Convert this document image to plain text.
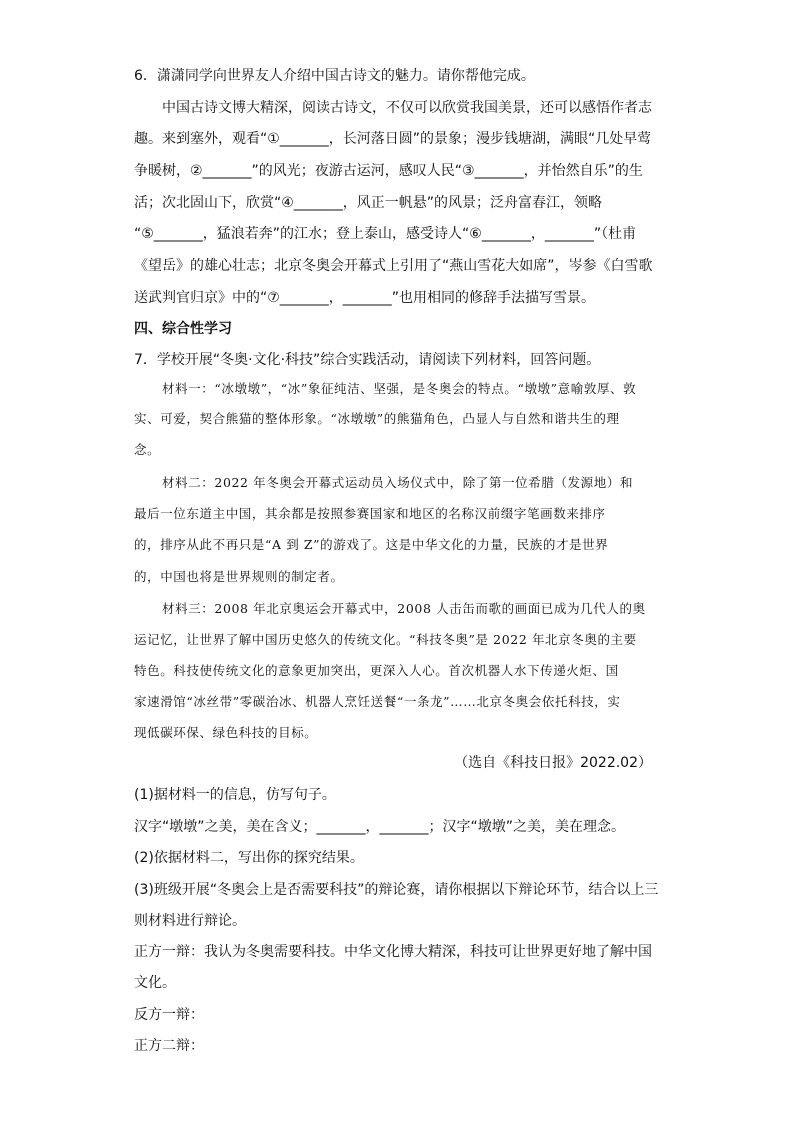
6．潇潇同学向世界友人介绍中国古诗文的魅力。请你帮他完成。
中国古诗文博大精深，阅读古诗文，不仅可以欣赏我国美景，还可以感悟作者志
趣。来到塞外，观看“①_______，长河落日圆”的景象；漫步钱塘湖，满眼“几处早莺
争暖树，②_______”的风光；夜游古运河，感叹人民“③_______，并怡然自乐”的生
活；次北固山下，欣赏“④_______，风正一帆悬”的风景；泛舟富春江，领略
“⑤_______，猛浪若奔”的江水；登上泰山，感受诗人“⑥_______，_______”（杜甫
《望岳》的雄心壮志；北京冬奥会开幕式上引用了“燕山雪花大如席”，岑参《白雪歌
送武判官归京》中的“⑦_______，_______”也用相同的修辞手法描写雪景。
四、综合性学习
7．学校开展“冬奥·文化·科技”综合实践活动，请阅读下列材料，回答问题。
材料一：“冰墩墩”，“冰”象征纯洁、坚强，是冬奥会的特点。“墩墩”意喻敦厚、敦
实、可爱，契合熊猫的整体形象。“冰墩墩”的熊猫角色，凸显人与自然和谐共生的理
念。
材料二：2022 年冬奥会开幕式运动员入场仪式中，除了第一位希腊（发源地）和
最后一位东道主中国，其余都是按照参赛国家和地区的名称汉前缀字笔画数来排序
的，排序从此不再只是“A 到 Z”的游戏了。这是中华文化的力量，民族的才是世界
的，中国也将是世界规则的制定者。
材料三：2008 年北京奥运会开幕式中，2008 人击缶而歌的画面已成为几代人的奥
运记忆，让世界了解中国历史悠久的传统文化。“科技冬奥”是 2022 年北京冬奥的主要
特色。科技使传统文化的意象更加突出，更深入人心。首次机器人水下传递火炬、国
家速滑馆“冰丝带”零碳治冰、机器人烹饪送餐“一条龙”……北京冬奥会依托科技，实
现低碳环保、绿色科技的目标。
（选自《科技日报》2022.02）
(1)据材料一的信息，仿写句子。
汉字“墩墩”之美，美在含义；_______，_______；汉字“墩墩”之美，美在理念。
(2)依据材料二，写出你的探究结果。
(3)班级开展“冬奥会上是否需要科技”的辩论赛，请你根据以下辩论环节，结合以上三
则材料进行辩论。
正方一辩：我认为冬奥需要科技。中华文化博大精深，科技可让世界更好地了解中国
文化。
反方一辩：
正方二辩：
